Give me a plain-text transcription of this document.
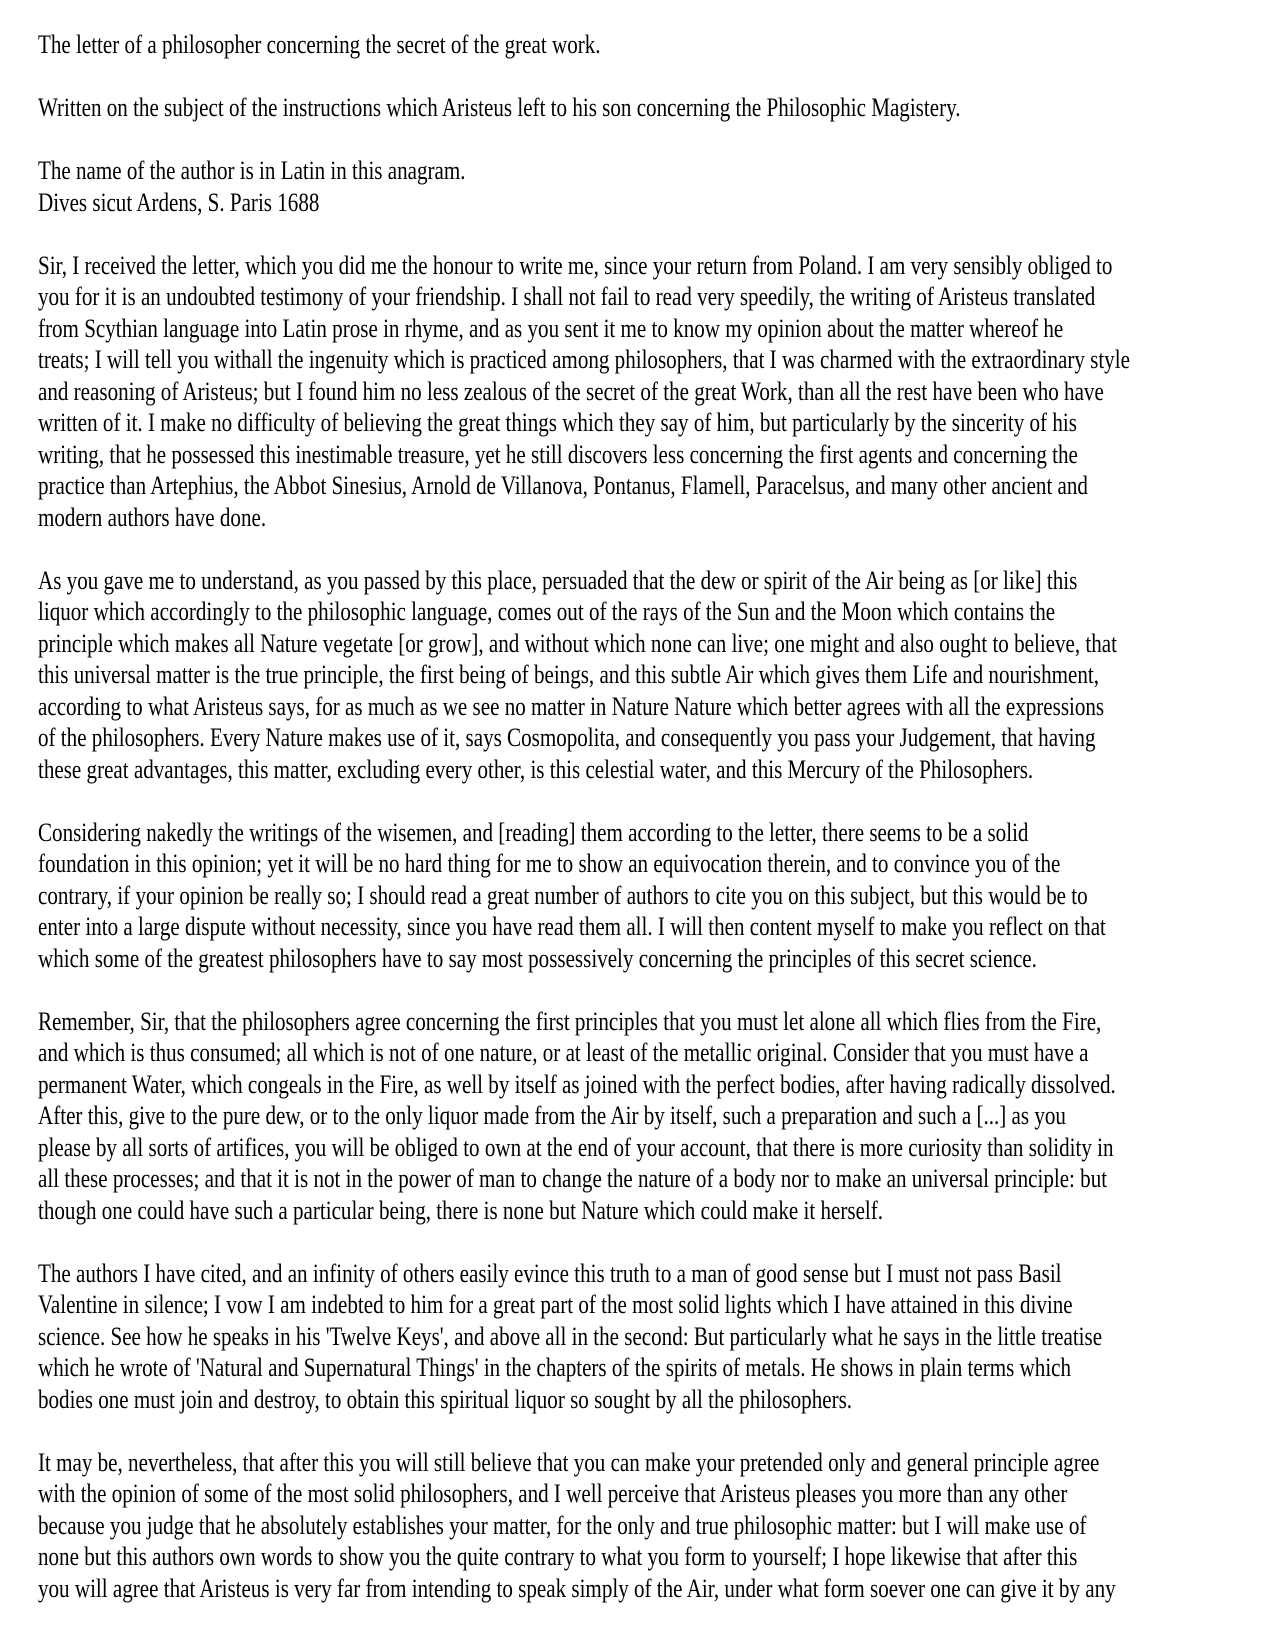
The letter of a philosopher concerning the secret of the great work.
Written on the subject of the instructions which Aristeus left to his son concerning the Philosophic Magistery.
The name of the author is in Latin in this anagram.
Dives sicut Ardens, S. Paris 1688

Sir, I received the letter, which you did me the honour to write me, since your return from Poland. I am very sensibly obliged to
you for it is an undoubted testimony of your friendship. I shall not fail to read very speedily, the writing of Aristeus translated
from Scythian language into Latin prose in rhyme, and as you sent it me to know my opinion about the matter whereof he
treats; I will tell you withall the ingenuity which is practiced among philosophers, that I was charmed with the extraordinary style
and reasoning of Aristeus; but I found him no less zealous of the secret of the great Work, than all the rest have been who have
written of it. I make no difficulty of believing the great things which they say of him, but particularly by the sincerity of his
writing, that he possessed this inestimable treasure, yet he still discovers less concerning the first agents and concerning the
practice than Artephius, the Abbot Sinesius, Arnold de Villanova, Pontanus, Flamell, Paracelsus, and many other ancient and
modern authors have done.

As you gave me to understand, as you passed by this place, persuaded that the dew or spirit of the Air being as [or like] this
liquor which accordingly to the philosophic language, comes out of the rays of the Sun and the Moon which contains the
principle which makes all Nature vegetate [or grow], and without which none can live; one might and also ought to believe, that
this universal matter is the true principle, the first being of beings, and this subtle Air which gives them Life and nourishment,
according to what Aristeus says, for as much as we see no matter in Nature Nature which better agrees with all the expressions
of the philosophers. Every Nature makes use of it, says Cosmopolita, and consequently you pass your Judgement, that having
these great advantages, this matter, excluding every other, is this celestial water, and this Mercury of the Philosophers.

Considering nakedly the writings of the wisemen, and [reading] them according to the letter, there seems to be a solid
foundation in this opinion; yet it will be no hard thing for me to show an equivocation therein, and to convince you of the
contrary, if your opinion be really so; I should read a great number of authors to cite you on this subject, but this would be to
enter into a large dispute without necessity, since you have read them all. I will then content myself to make you reflect on that
which some of the greatest philosophers have to say most possessively concerning the principles of this secret science.

Remember, Sir, that the philosophers agree concerning the first principles that you must let alone all which flies from the Fire,
and which is thus consumed; all which is not of one nature, or at least of the metallic original. Consider that you must have a
permanent Water, which congeals in the Fire, as well by itself as joined with the perfect bodies, after having radically dissolved.
After this, give to the pure dew, or to the only liquor made from the Air by itself, such a preparation and such a [...] as you
please by all sorts of artifices, you will be obliged to own at the end of your account, that there is more curiosity than solidity in
all these processes; and that it is not in the power of man to change the nature of a body nor to make an universal principle: but
though one could have such a particular being, there is none but Nature which could make it herself.

The authors I have cited, and an infinity of others easily evince this truth to a man of good sense but I must not pass Basil
Valentine in silence; I vow I am indebted to him for a great part of the most solid lights which I have attained in this divine
science. See how he speaks in his 'Twelve Keys', and above all in the second: But particularly what he says in the little treatise
which he wrote of 'Natural and Supernatural Things' in the chapters of the spirits of metals. He shows in plain terms which
bodies one must join and destroy, to obtain this spiritual liquor so sought by all the philosophers.

It may be, nevertheless, that after this you will still believe that you can make your pretended only and general principle agree
with the opinion of some of the most solid philosophers, and I well perceive that Aristeus pleases you more than any other
because you judge that he absolutely establishes your matter, for the only and true philosophic matter: but I will make use of
none but this authors own words to show you the quite contrary to what you form to yourself; I hope likewise that after this
you will agree that Aristeus is very far from intending to speak simply of the Air, under what form soever one can give it by any
